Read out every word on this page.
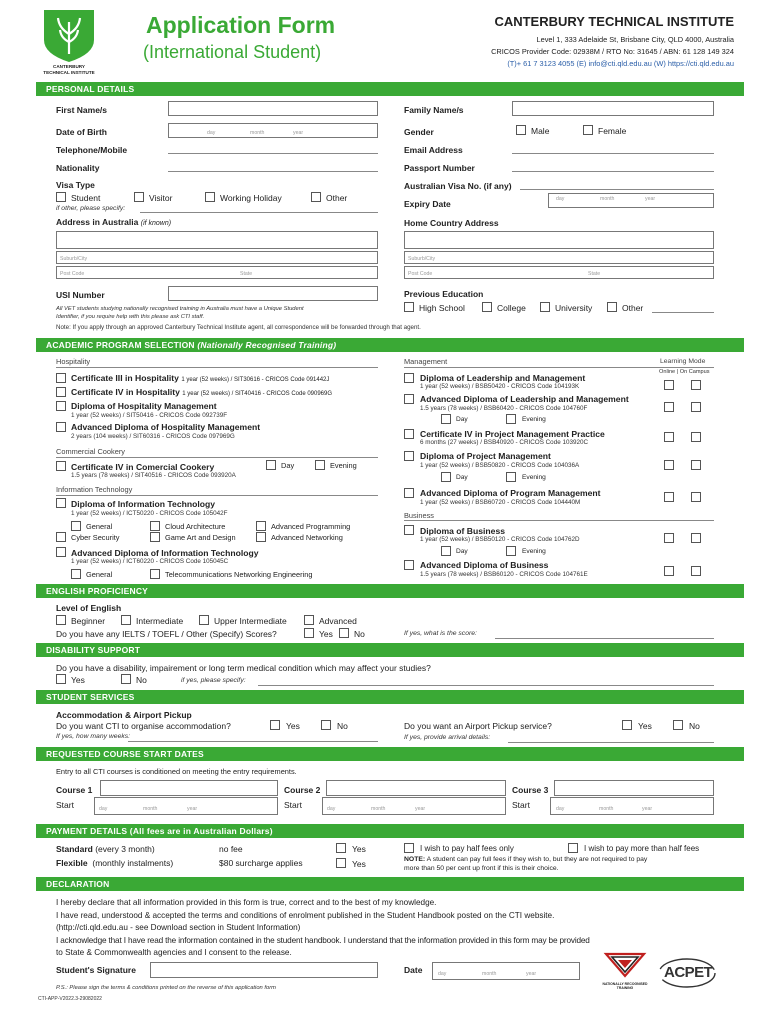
CANTERBURY TECHNICAL INSTITUTE
Application Form
(International Student)
CANTERBURY TECHNICAL INSTITUTE
Level 1, 333 Adelaide St, Brisbane City, QLD 4000, Australia
CRICOS Provider Code: 02938M / RTO No: 31645 / ABN: 61 128 149 324
(T)+ 61 7 3123 4055 (E) info@cti.qld.edu.au (W) https://cti.qld.edu.au
PERSONAL DETAILS
First Name/s	Family Name/s
Date of Birth	day	month	year	Gender	Male	Female
Telephone/Mobile	Email Address
Nationality	Passport Number
Visa Type	Australian Visa No. (if any)
Student	Visitor	Working Holiday	Other
Expiry Date	day	month	year
if other, please specify:
Address in Australia (if known)	Home Country Address
Suburb/City
Post Code	State
Suburb/City
Post Code	State
USI Number
All VET students studying nationally recognised training in Australia must have a Unique Student
Identifier, if you require help with this please ask CTI staff.
Previous Education
High School	College	University	Other
Note: If you apply through an approved Canterbury Technical Institute agent, all correspondence will be forwarded through that agent.
ACADEMIC PROGRAM SELECTION (Nationally Recognised Training)
Hospitality	Management	Learning Mode
Online | On Campus
Certificate III in Hospitality 1 year (52 weeks) / SIT30616 - CRICOS Code 091442J
Certificate IV in Hospitality 1 year (52 weeks) / SIT40416 - CRICOS Code 090969G
Diploma of Hospitality Management
1 year (52 weeks) / SIT50416 - CRICOS Code 092739F
Advanced Diploma of Hospitality Management
2 years (104 weeks) / SIT60316 - CRICOS Code 097969G
Commercial Cookery
Certificate IV in Comercial Cookery
1.5 years (78 weeks) / SIT40516 - CRICOS Code 093920A
Day	Evening
Information Technology
Diploma of Information Technology
1 year (52 weeks) / ICT50220 - CRICOS Code 105042F
General	Cloud Architecture	Advanced Programming
Cyber Security	Game Art and Design	Advanced Networking
Advanced Diploma of Information Technology
1 year (52 weeks) / ICT60220 - CRICOS Code 105045C
General	Telecommunications Networking Engineering
Diploma of Leadership and Management
1 year (52 weeks) / BSB50420 - CRICOS Code 104193K
Advanced Diploma of Leadership and Management
1.5 years (78 weeks) / BSB60420 - CRICOS Code 104760F
Day	Evening
Certificate IV in Project Management Practice
6 months (27 weeks) / BSB40920 - CRICOS Code 103920C
Diploma of Project Management
1 year (52 weeks) / BSB50820 - CRICOS Code 104036A
Day	Evening
Advanced Diploma of Program Management
1 year (52 weeks) / BSB60720 - CRICOS Code 104440M
Business
Diploma of Business
1 year (52 weeks) / BSB50120 - CRICOS Code 104762D
Day	Evening
Advanced Diploma of Business
1.5 years (78 weeks) / BSB60120 - CRICOS Code 104761E
ENGLISH PROFICIENCY
Level of English
Beginner	Intermediate	Upper Intermediate	Advanced
Do you have any IELTS / TOEFL / Other (Specify) Scores?	Yes No	If yes, what is the score:
DISABILITY SUPPORT
Do you have a disability, impairement or long term medical condition which may affect your studies?
Yes	No	if yes, please specify:
STUDENT SERVICES
Accommodation & Airport Pickup
Do you want CTI to organise accommodation?	Yes	No
If yes, how many weeks:
Do you want an Airport Pickup service?	Yes	No
If yes, provide arrival details:
REQUESTED COURSE START DATES
Entry to all CTI courses is conditioned on meeting the entry requirements.
Course 1
Start	day	month	year
Course 2
Start	day	month	year
Course 3
Start	day	month	year
PAYMENT DETAILS (All fees are in Australian Dollars)
Standard (every 3 month)	no fee	Yes
Flexible (monthly instalments)	$80 surcharge applies	Yes
I wish to pay half fees only	I wish to pay more than half fees
NOTE: A student can pay full fees if they wish to, but they are not required to pay
more than 50 per cent up front if this is their choice.
DECLARATION
I hereby declare that all information provided in this form is true, correct and to the best of my knowledge.
I have read, understood & accepted the terms and conditions of enrolment published in the Student Handbook posted on the CTI website.
(http://cti.qld.edu.au - see Download section in Student Information)
I acknowledge that I have read the information contained in the student handbook. I understand that the information provided in this form may be provided
to State & Commonwealth agencies and I consent to the release.
Student's Signature	Date	day	month	year
P.S.: Please sign the terms & conditions printed on the reverse of this application form
CTI-APP-V2022.3-29082022
NATIONALLY RECOGNISED TRAINING
ACPET
